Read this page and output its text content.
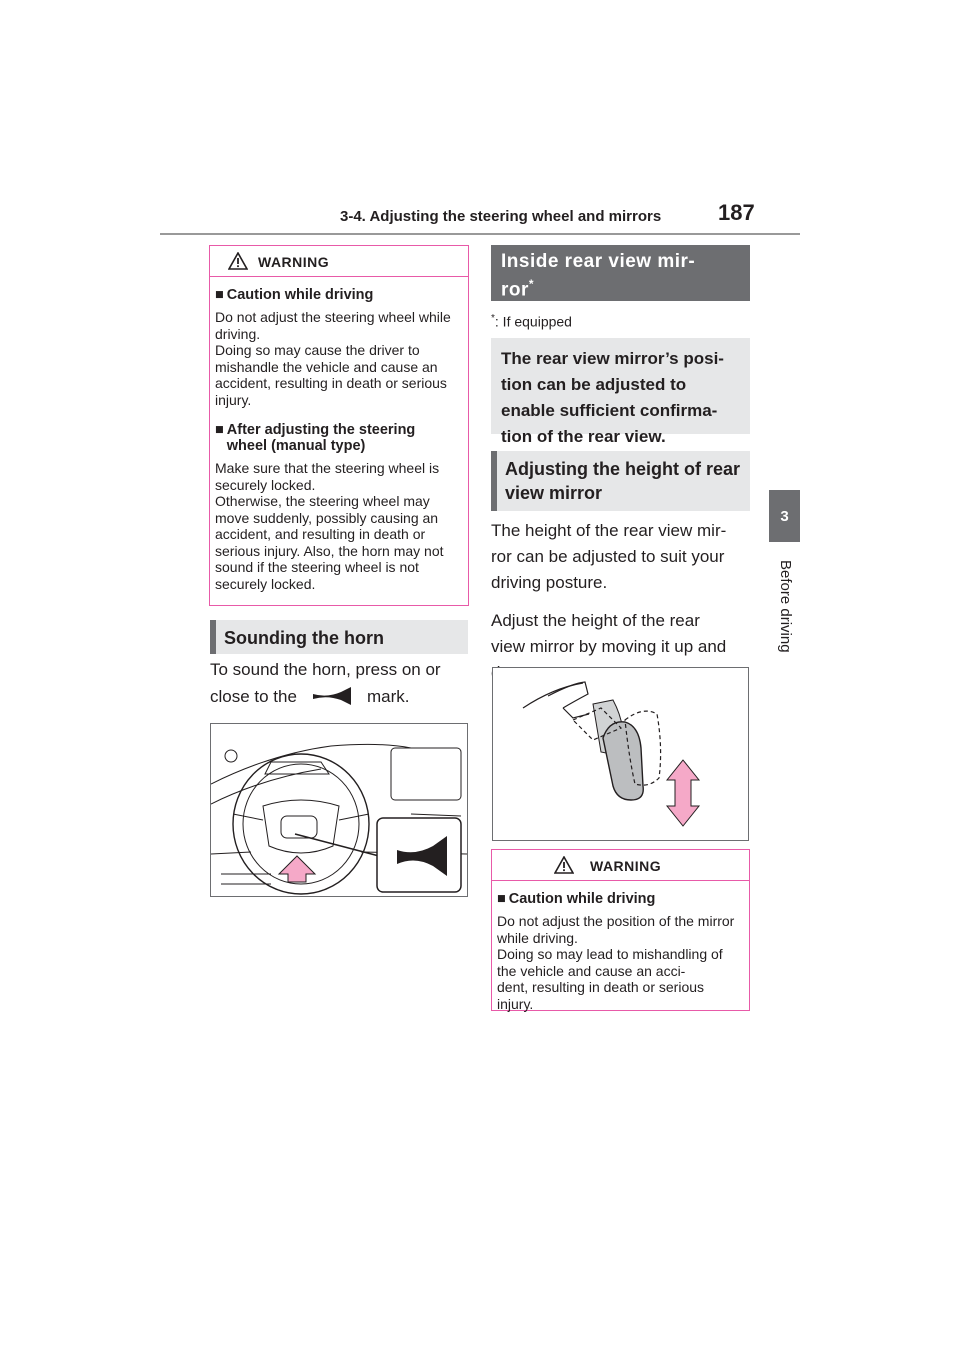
3-4. Adjusting the steering wheel and mirrors	187
3
Before driving
WARNING
■ Caution while driving
Do not adjust the steering wheel while driving.
Doing so may cause the driver to mishandle the vehicle and cause an accident, resulting in death or serious injury.
■ After adjusting the steering wheel (manual type)
Make sure that the steering wheel is securely locked.
Otherwise, the steering wheel may move suddenly, possibly causing an accident, and resulting in death or serious injury. Also, the horn may not sound if the steering wheel is not securely locked.
Sounding the horn
To sound the horn, press on or
close to the	mark.
Inside rear view mir-
ror*
*: If equipped
The rear view mirror’s posi-
tion can be adjusted to
enable sufficient confirma-
tion of the rear view.
Adjusting the height of rear view mirror
The height of the rear view mir-
ror can be adjusted to suit your
driving posture.
Adjust the height of the rear
view mirror by moving it up and

WARNING
■ Caution while driving
Do not adjust the position of the mirror while driving.
Doing so may lead to mishandling of the vehicle and cause an acci-
dent, resulting in death or serious injury.
